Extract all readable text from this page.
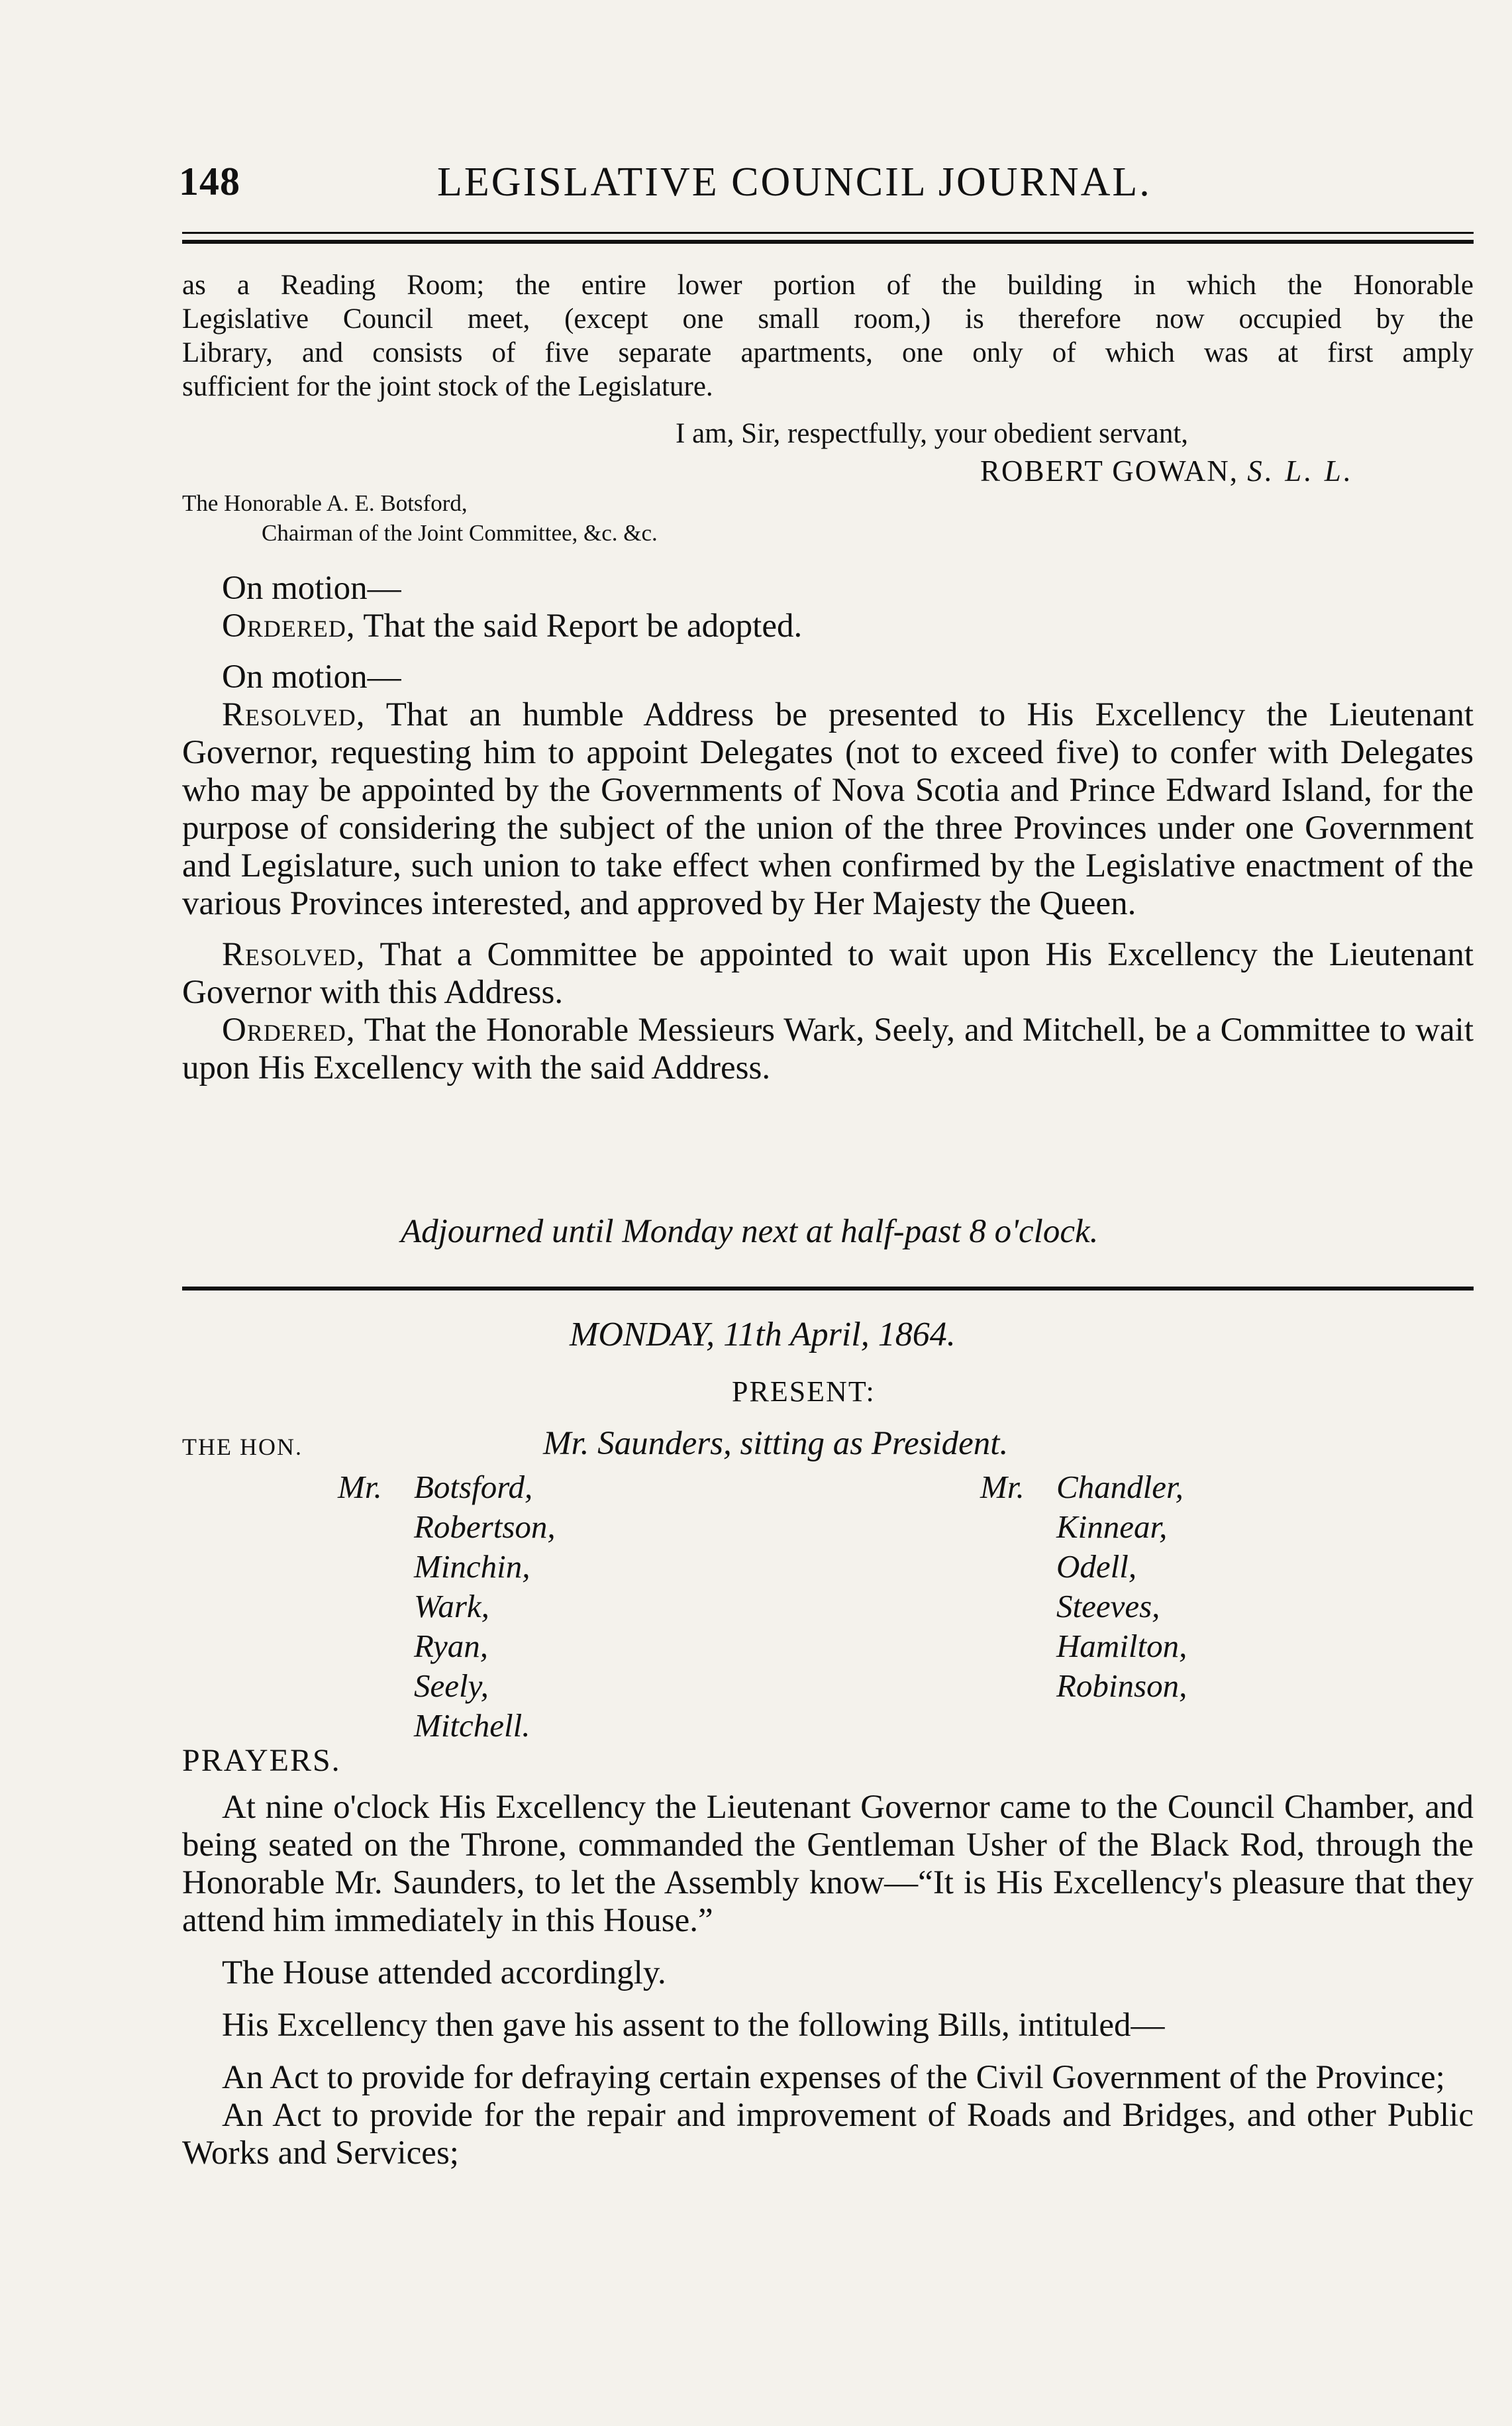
148	LEGISLATIVE COUNCIL JOURNAL.

as a Reading Room; the entire lower portion of the building in which the Honorable

Legislative Council meet, (except one small room,) is therefore now occupied by the

Library, and consists of five separate apartments, one only of which was at first amply

sufficient for the joint stock of the Legislature.

I am, Sir, respectfully, your obedient servant,
ROBERT GOWAN, S. L. L.
The Honorable A. E. Botsford,
Chairman of the Joint Committee, &c. &c.

On motion—

Ordered, That the said Report be adopted.

On motion—

Resolved, That an humble Address be presented to His Excellency the Lieutenant Governor, requesting him to appoint Delegates (not to exceed five) to confer with Delegates who may be appointed by the Governments of Nova Scotia and Prince Edward Island, for the purpose of considering the subject of the union of the three Provinces under one Government and Legislature, such union to take effect when confirmed by the Legislative enactment of the various Provinces interested, and approved by Her Majesty the Queen.

Resolved, That a Committee be appointed to wait upon His Excellency the Lieutenant Governor with this Address.

Ordered, That the Honorable Messieurs Wark, Seely, and Mitchell, be a Committee to wait upon His Excellency with the said Address.

Adjourned until Monday next at half-past 8 o'clock.
MONDAY, 11th April, 1864.
PRESENT:
THE HON.	Mr. Saunders, sitting as President.
Mr. Botsford,
Robertson,
Minchin,
Wark,
Ryan,
Seely,
Mitchell.
Mr. Chandler,
Kinnear,
Odell,
Steeves,
Hamilton,
Robinson,
PRAYERS.

At nine o'clock His Excellency the Lieutenant Governor came to the Council Chamber, and being seated on the Throne, commanded the Gentleman Usher of the Black Rod, through the Honorable Mr. Saunders, to let the Assembly know—“It is His Excellency's pleasure that they attend him immediately in this House.”

The House attended accordingly.

His Excellency then gave his assent to the following Bills, intituled—

An Act to provide for defraying certain expenses of the Civil Government of the Province;

An Act to provide for the repair and improvement of Roads and Bridges, and other Public Works and Services;
